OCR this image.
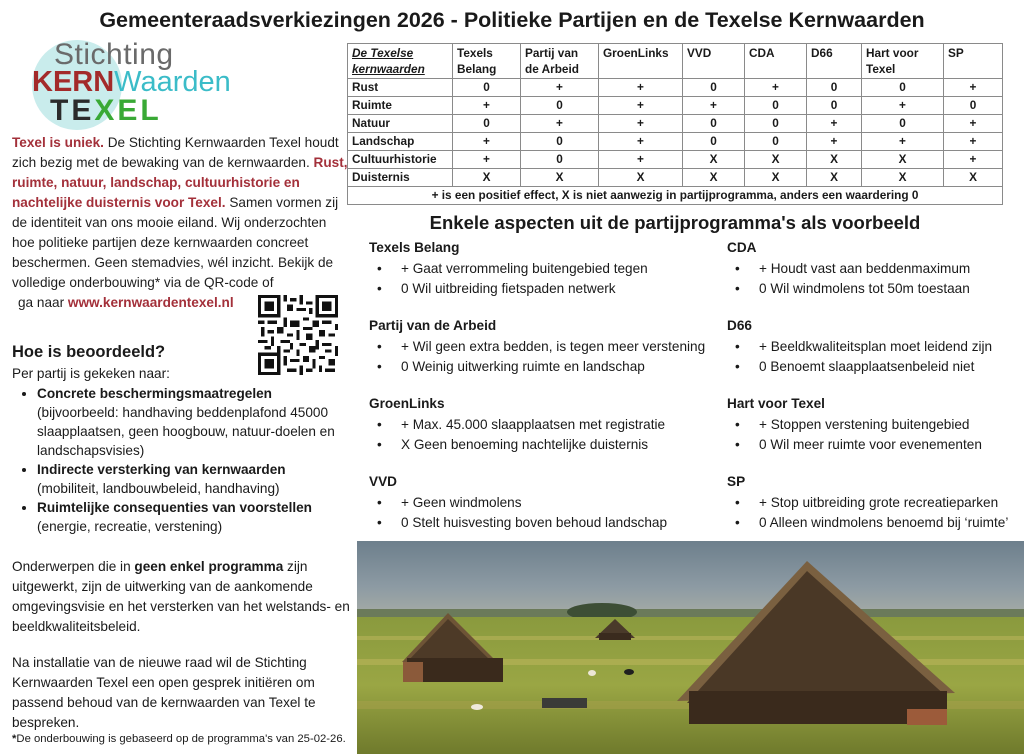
Gemeenteraadsverkiezingen 2026 - Politieke Partijen en de Texelse Kernwaarden
Stichting
KERNWaarden
TEXEL
Texel is uniek. De Stichting Kernwaarden Texel houdt zich bezig met de bewaking van de kernwaarden. Rust, ruimte, natuur, landschap, cultuurhistorie en nachtelijke duisternis voor Texel. Samen vormen zij de identiteit van ons mooie eiland. Wij onderzochten hoe politieke partijen deze kernwaarden concreet beschermen. Geen stemadvies, wél inzicht. Bekijk de volledige onderbouwing* via de QR-code of
ga naar www.kernwaardentexel.nl
Hoe is beoordeeld?
Per partij is gekeken naar:
• Concrete beschermingsmaatregelen
(bijvoorbeeld: handhaving beddenplafond 45000 slaapplaatsen, geen hoogbouw, natuur-doelen en landschapsvisies)
• Indirecte versterking van kernwaarden
(mobiliteit, landbouwbeleid, handhaving)
• Ruimtelijke consequenties van voorstellen
(energie, recreatie, verstening)
Onderwerpen die in geen enkel programma zijn uitgewerkt, zijn de uitwerking van de aankomende omgevingsvisie en het versterken van het welstands- en beeldkwaliteitsbeleid.
Na installatie van de nieuwe raad wil de Stichting Kernwaarden Texel een open gesprek initiëren om passend behoud van de kernwaarden van Texel te bespreken.
*De onderbouwing is gebaseerd op de programma's van 25-02-26.
De Texelse kernwaarden	Texels Belang	Partij van de Arbeid	GroenLinks	VVD	CDA	D66	Hart voor Texel	SP
Rust	0	+	+	0	+	0	0	+
Ruimte	+	0	+	+	0	0	+	0
Natuur	0	+	+	0	0	+	0	+
Landschap	+	0	+	0	0	+	+	+
Cultuurhistorie	+	0	+	X	X	X	X	+
Duisternis	X	X	X	X	X	X	X	X
+ is een positief effect, X is niet aanwezig in partijprogramma, anders een waardering 0								
Enkele aspecten uit de partijprogramma's als voorbeeld
Texels Belang
• + Gaat verrommeling buitengebied tegen
• 0 Wil uitbreiding fietspaden netwerk
Partij van de Arbeid
• + Wil geen extra bedden, is tegen meer verstening
• 0 Weinig uitwerking ruimte en landschap
GroenLinks
• + Max. 45.000 slaapplaatsen met registratie
• X Geen benoeming nachtelijke duisternis
VVD
• + Geen windmolens
• 0 Stelt huisvesting boven behoud landschap
CDA
• + Houdt vast aan beddenmaximum
• 0 Wil windmolens tot 50m toestaan
D66
• + Beeldkwaliteitsplan moet leidend zijn
• 0 Benoemt slaapplaatsenbeleid niet
Hart voor Texel
• + Stoppen verstening buitengebied
• 0 Wil meer ruimte voor evenementen
SP
• + Stop uitbreiding grote recreatieparken
• 0 Alleen windmolens benoemd bij ‘ruimte’
